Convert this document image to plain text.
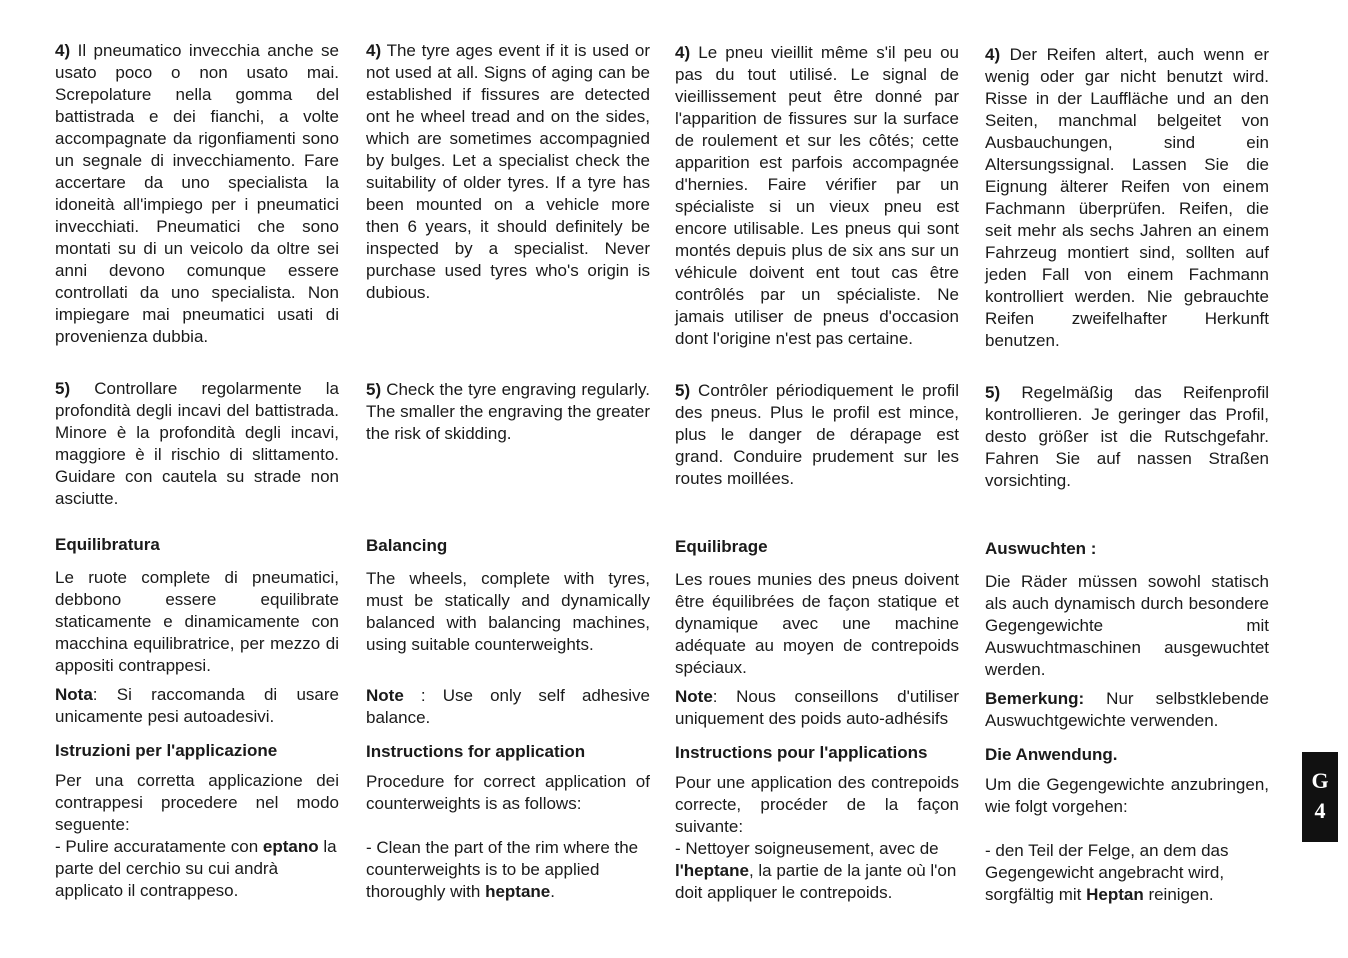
4) Il pneumatico invecchia anche se usato poco o non usato mai. Screpolature nella gomma del battistrada e dei fianchi, a volte accompagnate da rigonfiamenti sono un segnale di invecchiamento. Fare accertare da uno specialista la idoneità all'impiego per i pneumatici invecchiati. Pneumatici che sono montati su di un veicolo da oltre sei anni devono comunque essere controllati da uno specialista. Non impiegare mai pneumatici usati di provenienza dubbia.

5) Controllare regolarmente la profondità degli incavi del battistrada. Minore è la profondità degli incavi, maggiore è il rischio di slittamento. Guidare con cautela su strade non asciutte.

Equilibratura

Le ruote complete di pneumatici, debbono essere equilibrate staticamente e dinamicamente con macchina equilibratrice, per mezzo di appositi contrappesi.

Nota: Si raccomanda di usare unicamente pesi autoadesivi.

Istruzioni per l'applicazione

Per una corretta applicazione dei contrappesi procedere nel modo seguente:

- Pulire accuratamente con eptano la parte del cerchio su cui andrà applicato il contrappeso.

4) The tyre ages event if it is used or not used at all. Signs of aging can be established if fissures are detected ont he wheel tread and on the sides, which are sometimes accompagnied by bulges. Let a specialist check the suitability of older tyres. If a tyre has been mounted on a vehicle more then 6 years, it should definitely be inspected by a specialist. Never purchase used tyres who's origin is dubious.

5) Check the tyre engraving regularly. The smaller the engraving the greater the risk of skidding.

Balancing

The wheels, complete with tyres, must be statically and dynamically balanced with balancing machines, using suitable counterweights.

Note : Use only self adhesive balance.

Instructions for application

Procedure for correct application of counterweights is as follows:

- Clean the part of the rim where the counterweights is to be applied thoroughly with heptane.

4) Le pneu vieillit même s'il peu ou pas du tout utilisé. Le signal de vieillissement peut être donné par l'apparition de fissures sur la surface de roulement et sur les côtés; cette apparition est parfois accompagnée d'hernies. Faire vérifier par un spécialiste si un vieux pneu est encore utilisable. Les pneus qui sont montés depuis plus de six ans sur un véhicule doivent ent tout cas être contrôlés par un spécialiste. Ne jamais utiliser de pneus d'occasion dont l'origine n'est pas certaine.

5) Contrôler périodiquement le profil des pneus. Plus le profil est mince, plus le danger de dérapage est grand. Conduire prudement sur les routes moillées.

Equilibrage

Les roues munies des pneus doivent être équilibrées de façon statique et dynamique avec une machine adéquate au moyen de contrepoids spéciaux.

Note: Nous conseillons d'utiliser uniquement des poids auto-adhésifs

Instructions pour l'applications

Pour une application des contrepoids correcte, procéder de la façon suivante:

- Nettoyer soigneusement, avec de l'heptane, la partie de la jante où l'on doit appliquer le contrepoids.

4) Der Reifen altert, auch wenn er wenig oder gar nicht benutzt wird. Risse in der Lauffläche und an den Seiten, manchmal belgeitet von Ausbauchungen, sind ein Altersungssignal. Lassen Sie die Eignung älterer Reifen von einem Fachmann überprüfen. Reifen, die seit mehr als sechs Jahren an einem Fahrzeug montiert sind, sollten auf jeden Fall von einem Fachmann kontrolliert werden. Nie gebrauchte Reifen zweifelhafter Herkunft benutzen.

5) Regelmäßig das Reifenprofil kontrollieren. Je geringer das Profil, desto größer ist die Rutschgefahr. Fahren Sie auf nassen Straßen vorsichting.

Auswuchten :

Die Räder müssen sowohl statisch als auch dynamisch durch besondere Gegengewichte mit Auswuchtmaschinen ausgewuchtet werden.

Bemerkung: Nur selbstklebende Auswuchtgewichte verwenden.

Die Anwendung.

Um die Gegengewichte anzubringen, wie folgt vorgehen:

- den Teil der Felge, an dem das Gegengewicht angebracht wird, sorgfältig mit Heptan reinigen.

G
4
